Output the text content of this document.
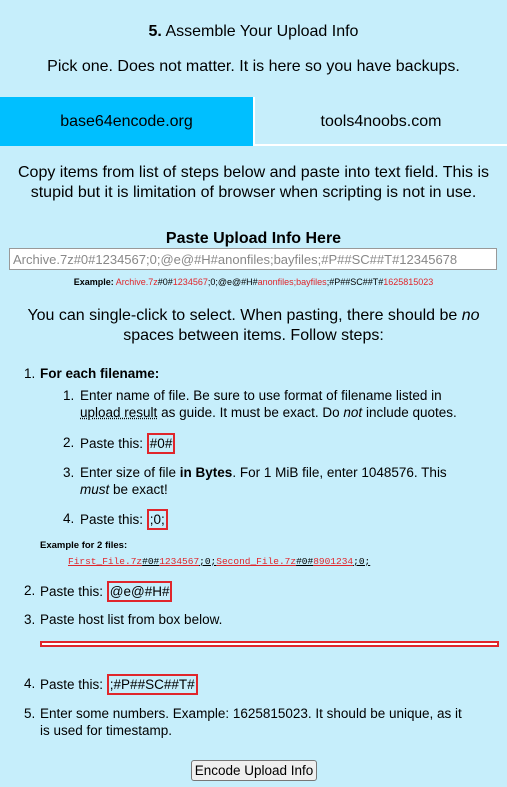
5. Assemble Your Upload Info
Pick one. Does not matter. It is here so you have backups.
base64encode.org	tools4noobs.com
Copy items from list of steps below and paste into text field. This is stupid but it is limitation of browser when scripting is not in use.
Paste Upload Info Here
Archive.7z#0#1234567;0;@e@#H#anonfiles;bayfiles;#P##SC##T#12345678
Example: Archive.7z#0#1234567;0;@e@#H#anonfiles;bayfiles;#P##SC##T#1625815023
You can single-click to select. When pasting, there should be no spaces between items. Follow steps:
1. For each filename:
1. Enter name of file. Be sure to use format of filename listed in
upload result as guide. It must be exact. Do not include quotes.
2. Paste this: #0#
3. Enter size of file in Bytes. For 1 MiB file, enter 1048576. This
must be exact!
4. Paste this: ;0;
Example for 2 files:
First_File.7z#0#1234567;0;Second_File.7z#0#8901234;0;
2. Paste this: @e@#H#
3. Paste host list from box below.
4. Paste this: ;#P##SC##T#
5. Enter some numbers. Example: 1625815023. It should be unique, as it
is used for timestamp.
Encode Upload Info
